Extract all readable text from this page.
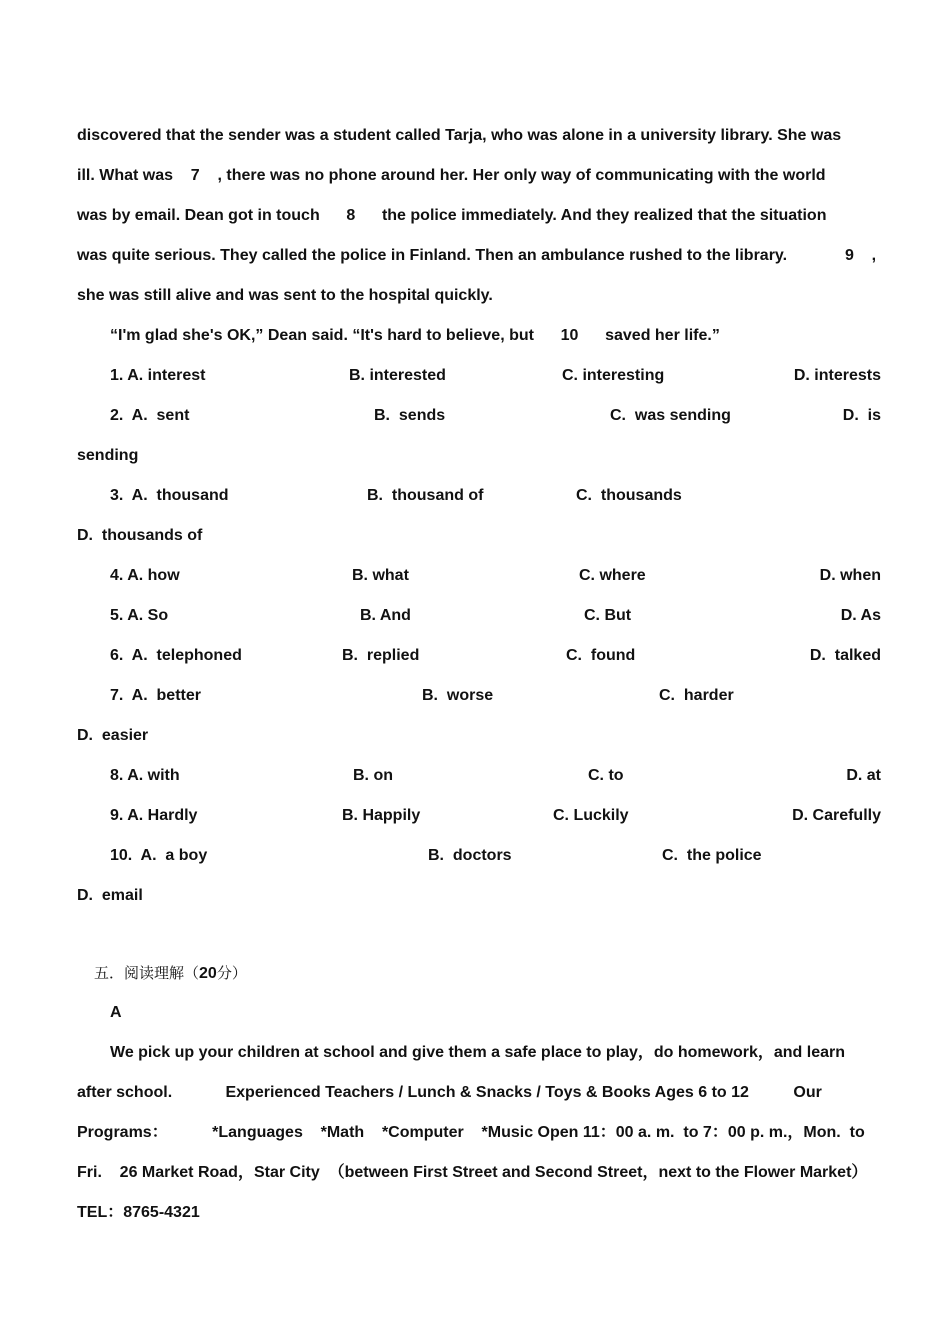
discovered that the sender was a student called Tarja, who was alone in a university library. She was
ill. What was    7    , there was no phone around her. Her only way of communicating with the world
was by email. Dean got in touch      8      the police immediately. And they realized that the situation
was quite serious. They called the police in Finland. Then an ambulance rushed to the library.	9    ,
she was still alive and was sent to the hospital quickly.
“I'm glad she's OK,” Dean said. “It's hard to believe, but      10      saved her life.”
1. A. interest	B. interested	C. interesting	D. interests
2.  A.  sent	B.  sends	C.  was sending	D.  is
sending
3.  A.  thousand	B.  thousand of	C.  thousands
D.  thousands of
4. A. how	B. what	C. where	D. when
5. A. So	B. And	C. But	D. As
6.  A.  telephoned	B.  replied	C.  found	D.  talked
7.  A.  better	B.  worse	C.  harder
D.  easier
8. A. with	B. on	C. to	D. at
9. A. Hardly	B. Happily	C. Luckily	D. Carefully
10.  A.  a boy	B.  doctors	C.  the police
D.  email
五．阅读理解（20分）
A
We pick up your children at school and give them a safe place to play，do homework，and learn
after school.            Experienced Teachers / Lunch & Snacks / Toys & Books Ages 6 to 12          Our
Programs：          *Languages    *Math    *Computer    *Music Open 11：00 a. m.  to 7：00 p. m.，Mon.  to
Fri.    26 Market Road，Star City  （between First Street and Second Street，next to the Flower Market）
TEL：8765-4321
